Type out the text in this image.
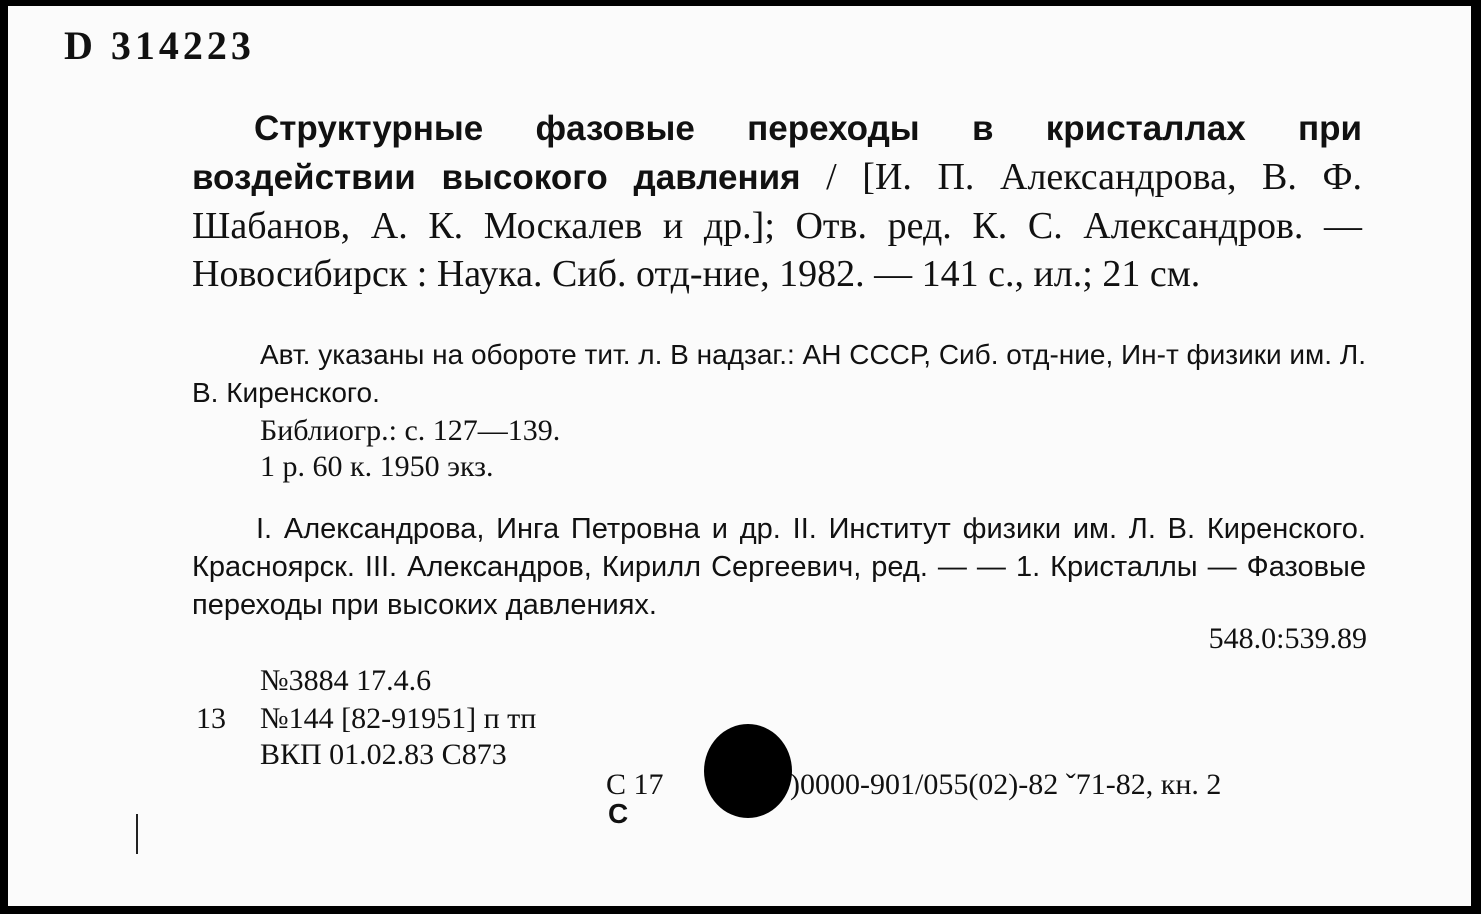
D 314223
Структурные фазовые переходы в кристаллах при воздействии высокого давления / [И. П. Александрова, В. Ф. Шабанов, А. К. Москалев и др.]; Отв. ред. К. С. Александров. — Новосибирск : Наука. Сиб. отд-ние, 1982. — 141 с., ил.; 21 см.
Авт. указаны на обороте тит. л. В надзаг.: АН СССР, Сиб. отд-ние, Ин-т физики им. Л. В. Киренского.
Библиогр.: с. 127—139.
1 р. 60 к. 1950 экз.
I. Александрова, Инга Петровна и др. II. Институт физики им. Л. В. Киренского. Красноярск. III. Александров, Кирилл Сергеевич, ред. — — 1. Кристаллы — Фазовые переходы при высоких давлениях.
548.0:539.89
№3884 17.4.6
13 №144 [82-91951] п тп
ВКП 01.02.83 С873
С 17	)0000-901/055(02)-82 ˇ71-82, кн. 2
С
